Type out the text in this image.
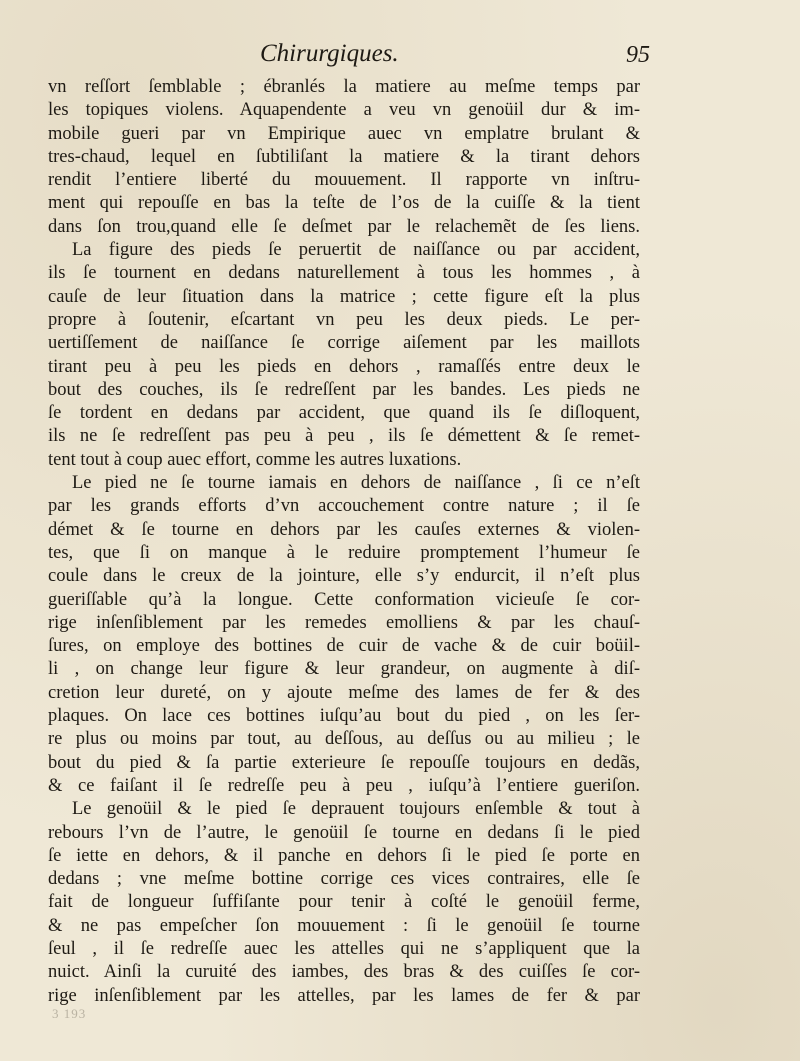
Chirurgiques.	95
vn reſſort ſemblable ; ébranlés la matiere au meſme temps par
les topiques violens. Aquapendente a veu vn genoüil dur & im-
mobile gueri par vn Empirique auec vn emplatre brulant &
tres-chaud, lequel en ſubtiliſant la matiere & la tirant dehors
rendit l’entiere liberté du mouuement. Il rapporte vn inſtru-
ment qui repouſſe en bas la teſte de l’os de la cuiſſe & la tient
dans ſon trou,quand elle ſe deſmet par le relachemẽt de ſes liens.
La figure des pieds ſe peruertit de naiſſance ou par accident,
ils ſe tournent en dedans naturellement à tous les hommes , à
cauſe de leur ſituation dans la matrice ; cette figure eſt la plus
propre à ſoutenir, eſcartant vn peu les deux pieds. Le per-
uertiſſement de naiſſance ſe corrige aiſement par les maillots
tirant peu à peu les pieds en dehors , ramaſſés entre deux le
bout des couches, ils ſe redreſſent par les bandes. Les pieds ne
ſe tordent en dedans par accident, que quand ils ſe diſloquent,
ils ne ſe redreſſent pas peu à peu , ils ſe démettent & ſe remet-
tent tout à coup auec effort, comme les autres luxations.
Le pied ne ſe tourne iamais en dehors de naiſſance , ſi ce n’eſt
par les grands efforts d’vn accouchement contre nature ; il ſe
démet & ſe tourne en dehors par les cauſes externes & violen-
tes, que ſi on manque à le reduire promptement l’humeur ſe
coule dans le creux de la jointure, elle s’y endurcit, il n’eſt plus
gueriſſable qu’à la longue. Cette conformation vicieuſe ſe cor-
rige inſenſiblement par les remedes emolliens & par les chauſ-
ſures, on employe des bottines de cuir de vache & de cuir boüil-
li , on change leur figure & leur grandeur, on augmente à diſ-
cretion leur dureté, on y ajoute meſme des lames de fer & des
plaques. On lace ces bottines iuſqu’au bout du pied , on les ſer-
re plus ou moins par tout, au deſſous, au deſſus ou au milieu ; le
bout du pied & ſa partie exterieure ſe repouſſe toujours en dedãs,
& ce faiſant il ſe redreſſe peu à peu , iuſqu’à l’entiere gueriſon.
Le genoüil & le pied ſe deprauent toujours enſemble & tout à
rebours l’vn de l’autre, le genoüil ſe tourne en dedans ſi le pied
ſe iette en dehors, & il panche en dehors ſi le pied ſe porte en
dedans ; vne meſme bottine corrige ces vices contraires, elle ſe
fait de longueur ſuffiſante pour tenir à coſté le genoüil ferme,
& ne pas empeſcher ſon mouuement : ſi le genoüil ſe tourne
ſeul , il ſe redreſſe auec les attelles qui ne s’appliquent que la
nuict. Ainſi la curuité des iambes, des bras & des cuiſſes ſe cor-
rige inſenſiblement par les attelles, par les lames de fer & par
3 193
